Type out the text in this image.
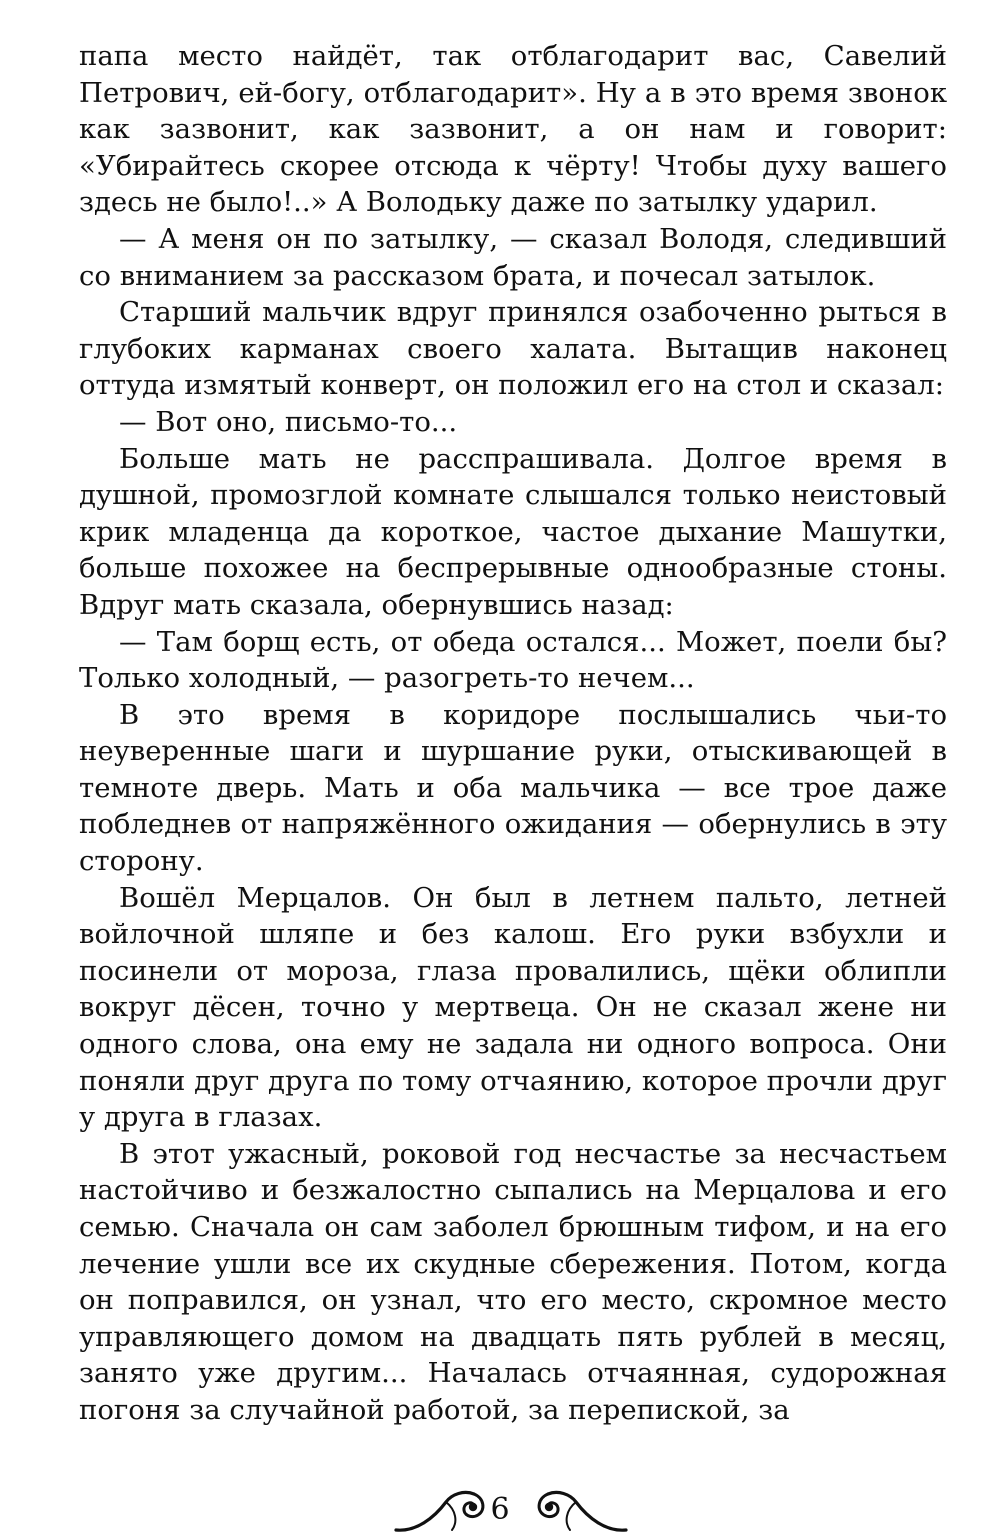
папа место найдёт, так отблагодарит вас, Савелий Петрович, ей-богу, отблагодарит». Ну а в это время звонок как зазвонит, как зазвонит, а он нам и говорит: «Убирайтесь скорее отсюда к чёрту! Чтобы духу вашего здесь не было!..» А Володьку даже по затылку ударил.

— А меня он по затылку, — сказал Володя, следивший со вниманием за рассказом брата, и почесал затылок.

Старший мальчик вдруг принялся озабоченно рыться в глубоких карманах своего халата. Вытащив наконец оттуда измятый конверт, он положил его на стол и сказал:

— Вот оно, письмо-то...

Больше мать не расспрашивала. Долгое время в душной, промозглой комнате слышался только неистовый крик младенца да короткое, частое дыхание Машутки, больше похожее на беспрерывные однообразные стоны. Вдруг мать сказала, обернувшись назад:

— Там борщ есть, от обеда остался... Может, поели бы? Только холодный, — разогреть-то нечем...

В это время в коридоре послышались чьи-то неуверенные шаги и шуршание руки, отыскивающей в темноте дверь. Мать и оба мальчика — все трое даже побледнев от напряжённого ожидания — обернулись в эту сторону.

Вошёл Мерцалов. Он был в летнем пальто, летней войлочной шляпе и без калош. Его руки взбухли и посинели от мороза, глаза провалились, щёки облипли вокруг дёсен, точно у мертвеца. Он не сказал жене ни одного слова, она ему не задала ни одного вопроса. Они поняли друг друга по тому отчаянию, которое прочли друг у друга в глазах.

В этот ужасный, роковой год несчастье за несчастьем настойчиво и безжалостно сыпались на Мерцалова и его семью. Сначала он сам заболел брюшным тифом, и на его лечение ушли все их скудные сбережения. Потом, когда он поправился, он узнал, что его место, скромное место управляющего домом на двадцать пять рублей в месяц, занято уже другим... Началась отчаянная, судорожная погоня за случайной работой, за перепиской, за

6
